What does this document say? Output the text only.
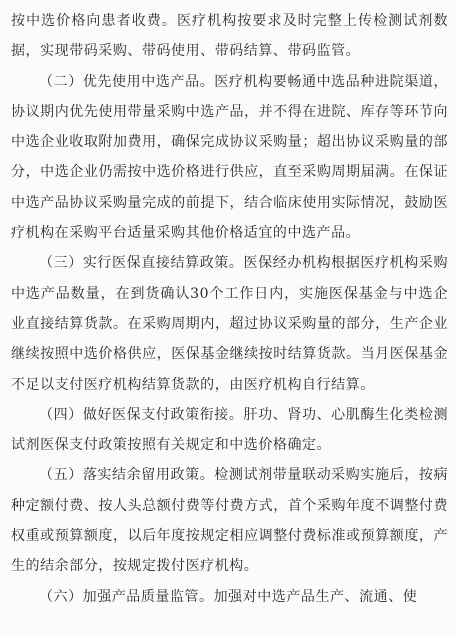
按中选价格向患者收费。医疗机构按要求及时完整上传检测试剂数据，实现带码采购、带码使用、带码结算、带码监管。

（二）优先使用中选产品。医疗机构要畅通中选品种进院渠道，协议期内优先使用带量采购中选产品，并不得在进院、库存等环节向中选企业收取附加费用，确保完成协议采购量；超出协议采购量的部分，中选企业仍需按中选价格进行供应，直至采购周期届满。在保证中选产品协议采购量完成的前提下，结合临床使用实际情况，鼓励医疗机构在采购平台适量采购其他价格适宜的中选产品。

（三）实行医保直接结算政策。医保经办机构根据医疗机构采购中选产品数量，在到货确认30个工作日内，实施医保基金与中选企业直接结算货款。在采购周期内，超过协议采购量的部分，生产企业继续按照中选价格供应，医保基金继续按时结算货款。当月医保基金不足以支付医疗机构结算货款的，由医疗机构自行结算。

（四）做好医保支付政策衔接。肝功、肾功、心肌酶生化类检测试剂医保支付政策按照有关规定和中选价格确定。

（五）落实结余留用政策。检测试剂带量联动采购实施后，按病种定额付费、按人头总额付费等付费方式，首个采购年度不调整付费权重或预算额度，以后年度按规定相应调整付费标准或预算额度，产生的结余部分，按规定拨付医疗机构。

（六）加强产品质量监管。加强对中选产品生产、流通、使
